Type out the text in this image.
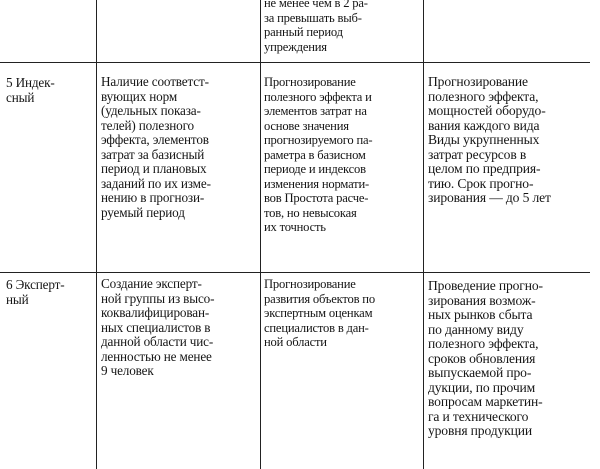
не менее чем в 2 ра-
за превышать выб-
ранный период
упреждения
5 Индек-
сный
Наличие соответст-
вующих норм
(удельных показа-
телей) полезного
эффекта, элементов
затрат за базисный
период и плановых
заданий по их изме-
нению в прогнози-
руемый период
Прогнозирование
полезного эффекта и
элементов затрат на
основе значения
прогнозируемого па-
раметра в базисном
периоде и индексов
изменения нормати-
вов Простота расчe-
тов, но невысокая
их точность
Прогнозирование
полезного эффекта,
мощностей оборудо-
вания каждого вида
Виды укрупненных
затрат ресурсов в
целом по предприя-
тию. Срок прогно-
зирования — до 5 лет
6 Эксперт-
ный
Создание эксперт-
ной группы из высо-
коквалифицирован-
ных специалистов в
данной области чис-
ленностью не менее
9 человек
Прогнозирование
развития объектов по
экспертным оценкам
специалистов в дан-
ной области
Проведение прогно-
зирования возмож-
ных рынков сбыта
по данному виду
полезного эффекта,
сроков обновления
выпускаемой про-
дукции, по прочим
вопросам маркетин-
га и технического
уровня продукции
